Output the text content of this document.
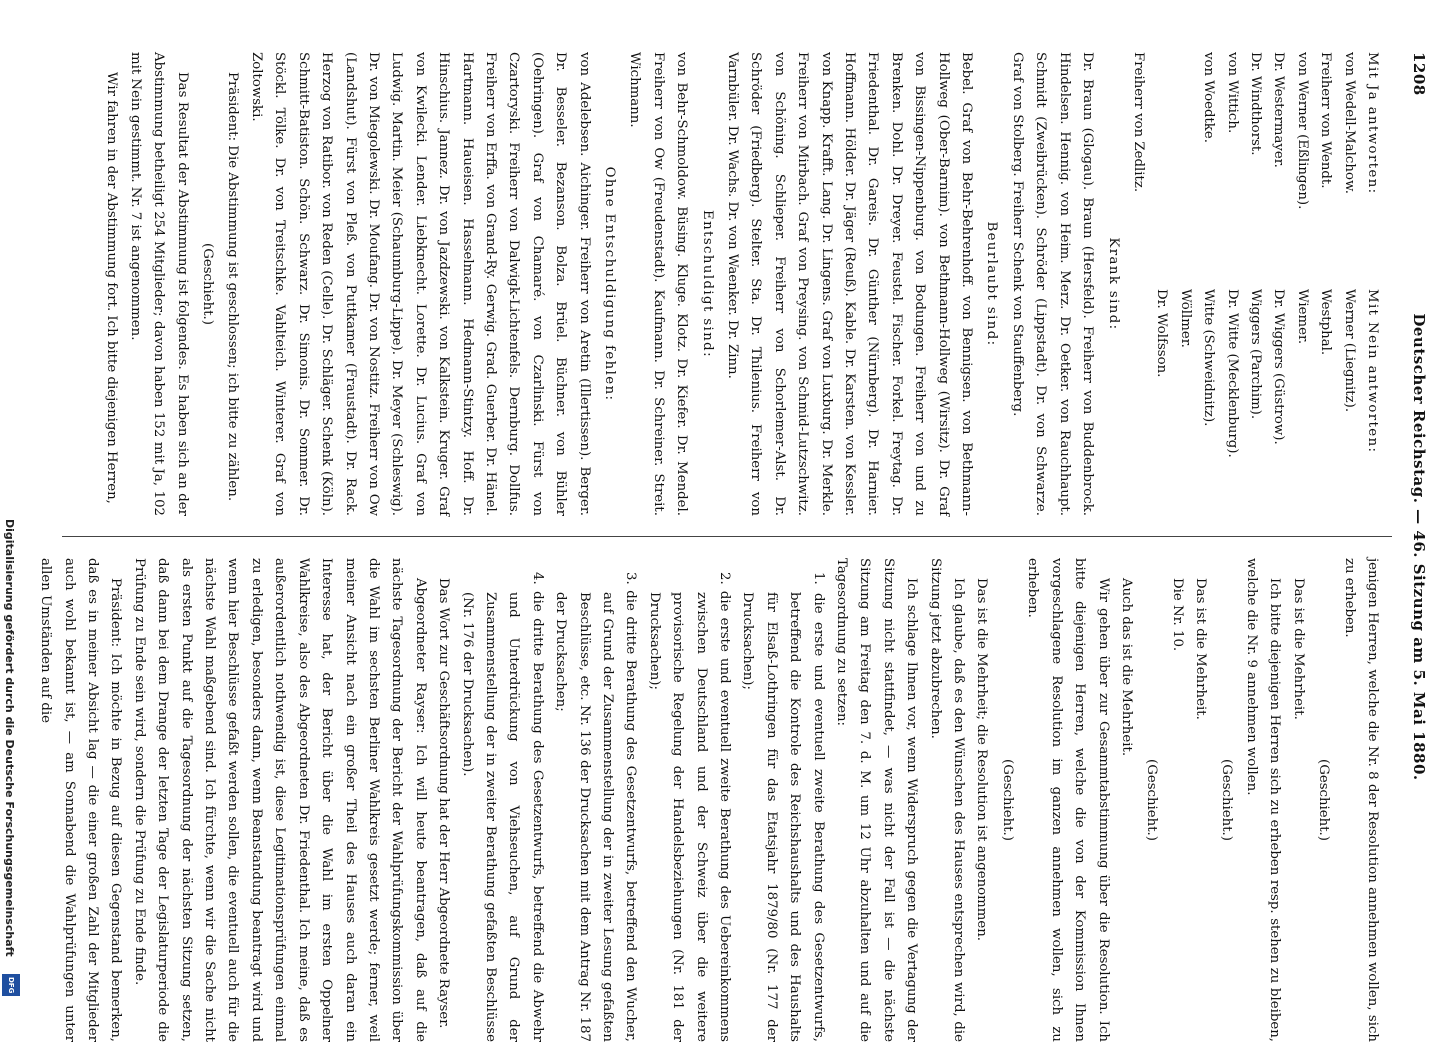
1208
Deutscher Reichstag. — 46. Sitzung am 5. Mai 1880.
Mit Ja antworten:
Mit Nein antworten:
von Wedell-Malchow.
Freiherr von Wendt.
von Werner (Eßlingen).
Dr. Westermayer.
Dr. Windthorst.
von Wittich.
von Woedtke.
Werner (Liegnitz).
Westphal.
Wiemer.
Dr. Wiggers (Güstrow).
Wiggers (Parchim).
Dr. Witte (Mecklenburg).
Witte (Schweidnitz).
Wöllmer.
Dr. Wolfsson.

Freiherr von Zedlitz.

Krank sind:

Dr. Braun (Glogau). Braun (Hersfeld). Freiherr von Buddenbrock. Hindelsen. Hennig. von Heim. Merz. Dr. Oetker. von Rauchhaupt. Schmidt (Zweibrücken). Schröder (Lippstadt). Dr. von Schwarze. Graf von Stolberg. Freiherr Schenk von Stauffenberg.

Beurlaubt sind:

Bebel. Graf von Behr-Behrenhoff. von Bennigsen. von Bethmann-Hollweg (Ober-Barnim). von Bethmann-Hollweg (Wirsitz). Dr. Graf von Bissingen-Nippenburg. von Bodungen. Freiherr von und zu Brenken. Dohl. Dr. Dreyer. Feustel. Fischer. Forkel. Freytag. Dr. Friedenthal. Dr. Gareis. Dr. Günther (Nürnberg). Dr. Harnier. Hoffmann. Hölder. Dr. Jäger (Reuß). Kable. Dr. Karsten. von Kessler. von Knapp. Krafft. Lang. Dr. Lingens. Graf von Luxburg. Dr. Merkle. Freiherr von Mirbach. Graf von Preysing. von Schmid-Lutzschwitz. von Schöning. Schlieper. Freiherr von Schorlemer-Alst. Dr. Schröder (Friedberg). Stelter. Sta. Dr. Thilenius. Freiherr von Varnbüler. Dr. Wachs. Dr. von Waenker. Dr. Zinn.

Entschuldigt sind:

von Behr-Schmoldow. Büsing. Kluge. Klotz. Dr. Kiefer. Dr. Mendel. Freiherr von Ow (Freudenstadt). Kaufmann. Dr. Schreiner. Streit. Wichmann.

Ohne Entschuldigung fehlen:

von Adelebsen. Aichinger. Freiherr von Aretin (Illertissen). Berger. Dr. Besseler. Bezanson. Bolza. Brüel. Büchner. von Bühler (Oehringen). Graf von Chamaré. von Czarlinski. Fürst von Czartoryski. Freiherr von Dalwigk-Lichtenfels. Dernburg. Dollfus. Freiherr von Erffa. von Grand-Ry. Gerwig. Grad. Guerber. Dr. Hänel. Hartmann. Haueisen. Hasselmann. Hedmann-Stintzy. Hoff. Dr. Hinschius. Jannez. Dr. von Jazdzewski. von Kalkstein. Kruger. Graf von Kwilecki. Lender. Liebknecht. Lorette. Dr. Lucius. Graf von Ludwig. Martin. Meier (Schaumburg-Lippe). Dr. Meyer (Schleswig). Dr. von Miegolewski. Dr. Moufang. Dr. von Nostitz. Freiherr von Ow (Landshut). Fürst von Pleß. von Puttkamer (Fraustadt). Dr. Rack. Herzog von Ratibor. von Reden (Celle). Dr. Schläger. Schenk (Köln). Schmitt-Batiston. Schön. Schwarz. Dr. Simonis. Dr. Sommer. Dr. Stöckl. Tölke. Dr. von Treitschke. Vahlteich. Winterer. Graf von Zoltowski.

Präsident: Die Abstimmung ist geschlossen; ich bitte zu zählen.

(Geschieht.)

Das Resultat der Abstimmung ist folgendes. Es haben sich an der Abstimmung betheiligt 254 Mitglieder; davon haben 152 mit Ja, 102 mit Nein gestimmt. Nr. 7 ist angenommen.

Wir fahren in der Abstimmung fort. Ich bitte diejenigen Herren,

jenigen Herren, welche die Nr. 8 der Resolution annehmen wollen, sich zu erheben.

(Geschieht.)

Das ist die Mehrheit.

Ich bitte diejenigen Herren sich zu erheben resp. stehen zu bleiben, welche die Nr. 9 annehmen wollen.

(Geschieht.)

Das ist die Mehrheit.

Die Nr. 10.

(Geschieht.)

Auch das ist die Mehrheit.

Wir gehen über zur Gesammtabstimmung über die Resolution. Ich bitte diejenigen Herren, welche die von der Kommission Ihnen vorgeschlagene Resolution im ganzen annehmen wollen, sich zu erheben.

(Geschieht.)

Das ist die Mehrheit; die Resolution ist angenommen.

Ich glaube, daß es den Wünschen des Hauses entsprechen wird, die Sitzung jetzt abzubrechen.

Ich schlage Ihnen vor, wenn Widerspruch gegen die Vertagung der Sitzung nicht stattfindet, — was nicht der Fall ist — die nächste Sitzung am Freitag den 7. d. M. um 12 Uhr abzuhalten und auf die Tagesordnung zu setzen:

1. die erste und eventuell zweite Berathung des Gesetzentwurfs, betreffend die Kontrole des Reichshaushalts und des Haushalts für Elsaß-Lothringen für das Etatsjahr 1879/80 (Nr. 177 der Drucksachen);

2. die erste und eventuell zweite Berathung des Uebereinkommens zwischen Deutschland und der Schweiz über die weitere provisorische Regelung der Handelsbeziehungen (Nr. 181 der Drucksachen);

3. die dritte Berathung des Gesetzentwurfs, betreffend den Wucher, auf Grund der Zusammenstellung der in zweiter Lesung gefaßten Beschlüsse, etc. Nr. 136 der Drucksachen mit dem Antrag Nr. 187 der Drucksachen;

4. die dritte Berathung des Gesetzentwurfs, betreffend die Abwehr und Unterdrückung von Viehseuchen, auf Grund der Zusammenstellung der in zweiter Berathung gefaßten Beschlüsse (Nr. 176 der Drucksachen).

Das Wort zur Geschäftsordnung hat der Herr Abgeordnete Rayser.

Abgeordneter Rayser: Ich will heute beantragen, daß auf die nächste Tagesordnung der Bericht der Wahlprüfungskommission über die Wahl im sechsten Berliner Wahlkreis gesetzt werde; ferner, weil meiner Ansicht nach ein großer Theil des Hauses auch daran ein Interesse hat, der Bericht über die Wahl im ersten Oppelner Wahlkreise, also des Abgeordneten Dr. Friedenthal. Ich meine, daß es außerordentlich nothwendig ist, diese Legitimationsprüfungen einmal zu erledigen, besonders dann, wenn Beanstandung beantragt wird und wenn hier Beschlüsse gefaßt werden sollen, die eventuell auch für die nächste Wahl maßgebend sind. Ich fürchte, wenn wir die Sache nicht als ersten Punkt auf die Tagesordnung der nächsten Sitzung setzen, daß dann bei dem Drange der letzten Tage der Legislaturperiode die Prüfung zu Ende sein wird, sondern die Prüfung zu Ende finde.

Präsident: Ich möchte in Bezug auf diesen Gegenstand bemerken, daß es in meiner Absicht lag — die einer großen Zahl der Mitglieder auch wohl bekannt ist, — am Sonnabend die Wahlprüfungen unter allen Umständen auf die

Digitalisierung gefördert durch die Deutsche Forschungsgemeinschaft
DFG
